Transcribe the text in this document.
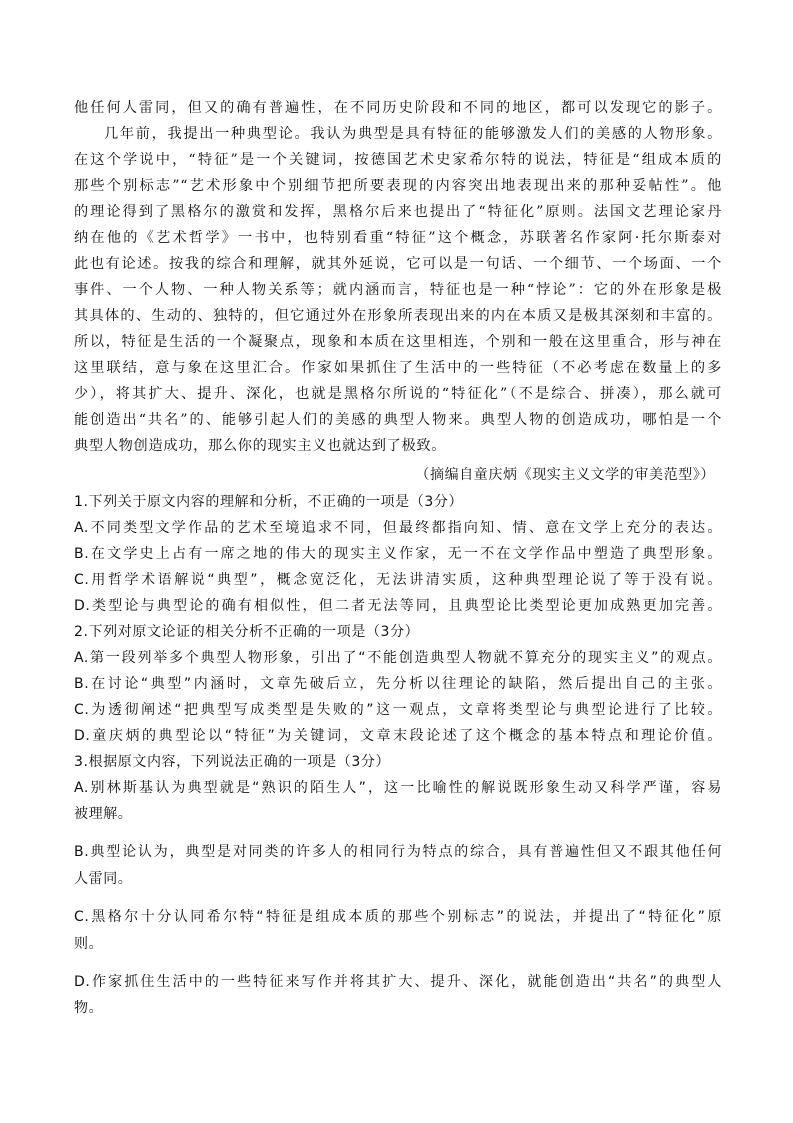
他任何人雷同，但又的确有普遍性，在不同历史阶段和不同的地区，都可以发现它的影子。
几年前，我提出一种典型论。我认为典型是具有特征的能够激发人们的美感的人物形象。
在这个学说中，“特征”是一个关键词，按德国艺术史家希尔特的说法，特征是“组成本质的
那些个别标志”“艺术形象中个别细节把所要表现的内容突出地表现出来的那种妥帖性”。他
的理论得到了黑格尔的激赏和发挥，黑格尔后来也提出了“特征化”原则。法国文艺理论家丹
纳在他的《艺术哲学》一书中，也特别看重“特征”这个概念，苏联著名作家阿·托尔斯泰对
此也有论述。按我的综合和理解，就其外延说，它可以是一句话、一个细节、一个场面、一个
事件、一个人物、一种人物关系等；就内涵而言，特征也是一种“悖论”：它的外在形象是极
其具体的、生动的、独特的，但它通过外在形象所表现出来的内在本质又是极其深刻和丰富的。
所以，特征是生活的一个凝聚点，现象和本质在这里相连，个别和一般在这里重合，形与神在
这里联结，意与象在这里汇合。作家如果抓住了生活中的一些特征（不必考虑在数量上的多
少），将其扩大、提升、深化，也就是黑格尔所说的“特征化”（不是综合、拼凑），那么就可
能创造出“共名”的、能够引起人们的美感的典型人物来。典型人物的创造成功，哪怕是一个
典型人物创造成功，那么你的现实主义也就达到了极致。
（摘编自童庆炳《现实主义文学的审美范型》）
1.下列关于原文内容的理解和分析，不正确的一项是（3分）
A.不同类型文学作品的艺术至境追求不同，但最终都指向知、情、意在文学上充分的表达。
B.在文学史上占有一席之地的伟大的现实主义作家，无一不在文学作品中塑造了典型形象。
C.用哲学术语解说“典型”，概念宽泛化，无法讲清实质，这种典型理论说了等于没有说。
D.类型论与典型论的确有相似性，但二者无法等同，且典型论比类型论更加成熟更加完善。
2.下列对原文论证的相关分析不正确的一项是（3分）
A.第一段列举多个典型人物形象，引出了“不能创造典型人物就不算充分的现实主义”的观点。
B.在讨论“典型”内涵时，文章先破后立，先分析以往理论的缺陷，然后提出自己的主张。
C.为透彻阐述“把典型写成类型是失败的”这一观点，文章将类型论与典型论进行了比较。
D.童庆炳的典型论以“特征”为关键词，文章末段论述了这个概念的基本特点和理论价值。
3.根据原文内容，下列说法正确的一项是（3分）
A.别林斯基认为典型就是“熟识的陌生人”，这一比喻性的解说既形象生动又科学严谨，容易
被理解。
B.典型论认为，典型是对同类的许多人的相同行为特点的综合，具有普遍性但又不跟其他任何
人雷同。
C.黑格尔十分认同希尔特“特征是组成本质的那些个别标志”的说法，并提出了“特征化”原
则。
D.作家抓住生活中的一些特征来写作并将其扩大、提升、深化，就能创造出“共名”的典型人
物。
